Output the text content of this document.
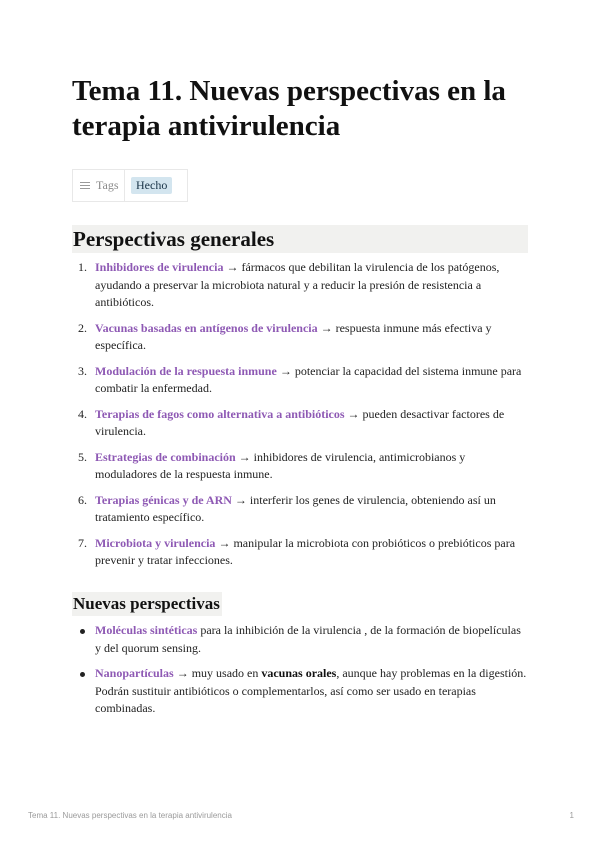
Tema 11. Nuevas perspectivas en la terapia antivirulencia
Tags	Hecho
Perspectivas generales
1. Inhibidores de virulencia → fármacos que debilitan la virulencia de los patógenos, ayudando a preservar la microbiota natural y a reducir la presión de resistencia a antibióticos.
2. Vacunas basadas en antígenos de virulencia → respuesta inmune más efectiva y específica.
3. Modulación de la respuesta inmune → potenciar la capacidad del sistema inmune para combatir la enfermedad.
4. Terapias de fagos como alternativa a antibióticos → pueden desactivar factores de virulencia.
5. Estrategias de combinación → inhibidores de virulencia, antimicrobianos y moduladores de la respuesta inmune.
6. Terapias génicas y de ARN → interferir los genes de virulencia, obteniendo así un tratamiento específico.
7. Microbiota y virulencia → manipular la microbiota con probióticos o prebióticos para prevenir y tratar infecciones.
Nuevas perspectivas
Moléculas sintéticas para la inhibición de la virulencia , de la formación de biopelículas y del quorum sensing.
Nanopartículas → muy usado en vacunas orales, aunque hay problemas en la digestión. Podrán sustituir antibióticos o complementarlos, así como ser usado en terapias combinadas.
Tema 11. Nuevas perspectivas en la terapia antivirulencia	1
